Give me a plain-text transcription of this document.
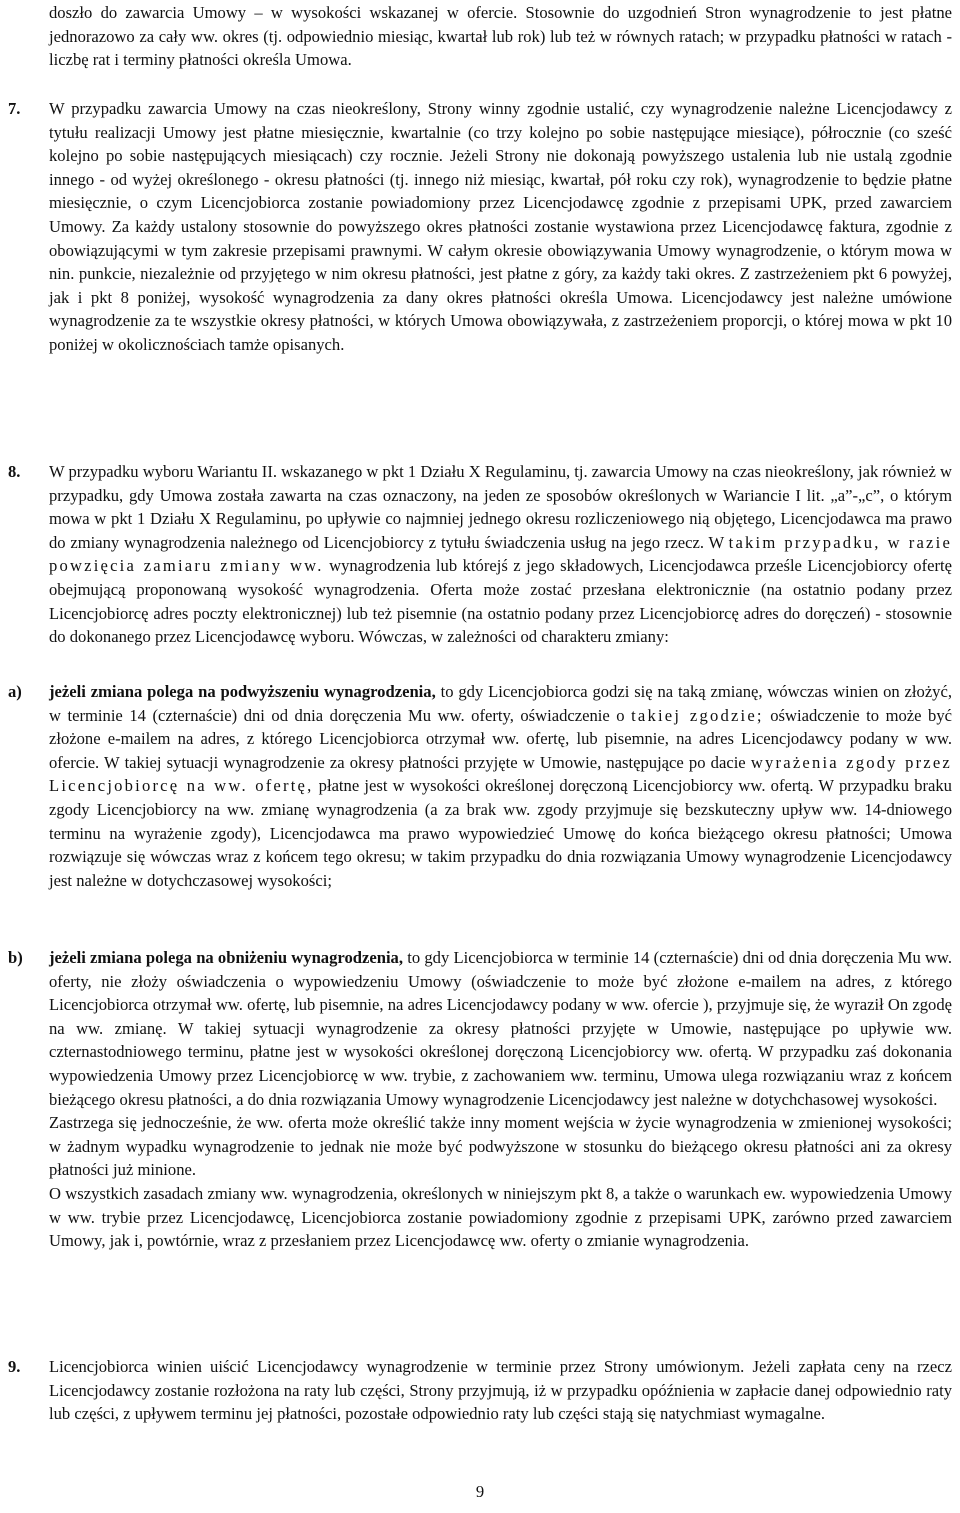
doszło do zawarcia Umowy – w wysokości wskazanej w ofercie. Stosownie do uzgodnień Stron wynagrodzenie to jest płatne jednorazowo za cały ww. okres (tj. odpowiednio miesiąc, kwartał lub rok) lub też w równych ratach; w przypadku płatności w ratach - liczbę rat i terminy płatności określa Umowa.
7.	W przypadku zawarcia Umowy na czas nieokreślony, Strony winny zgodnie ustalić, czy wynagrodzenie należne Licencjodawcy z tytułu realizacji Umowy jest płatne miesięcznie, kwartalnie (co trzy kolejno po sobie następujące miesiące), półrocznie (co sześć kolejno po sobie następujących miesiącach) czy rocznie. Jeżeli Strony nie dokonają powyższego ustalenia lub nie ustalą zgodnie innego - od wyżej określonego - okresu płatności (tj. innego niż miesiąc, kwartał, pół roku czy rok), wynagrodzenie to będzie płatne miesięcznie, o czym Licencjobiorca zostanie powiadomiony przez Licencjodawcę zgodnie z przepisami UPK, przed zawarciem Umowy. Za każdy ustalony stosownie do powyższego okres płatności zostanie wystawiona przez Licencjodawcę faktura, zgodnie z obowiązującymi w tym zakresie przepisami prawnymi. W całym okresie obowiązywania Umowy wynagrodzenie, o którym mowa w nin. punkcie, niezależnie od przyjętego w nim okresu płatności, jest płatne z góry, za każdy taki okres. Z zastrzeżeniem pkt 6 powyżej, jak i pkt 8 poniżej, wysokość wynagrodzenia za dany okres płatności określa Umowa. Licencjodawcy jest należne umówione wynagrodzenie za te wszystkie okresy płatności, w których Umowa obowiązywała, z zastrzeżeniem proporcji, o której mowa w pkt 10 poniżej w okolicznościach tamże opisanych.
8.	W przypadku wyboru Wariantu II. wskazanego w pkt 1 Działu X Regulaminu, tj. zawarcia Umowy na czas nieokreślony, jak również w przypadku, gdy Umowa została zawarta na czas oznaczony, na jeden ze sposobów określonych w Wariancie I lit. „a”-„c”, o którym mowa w pkt 1 Działu X Regulaminu, po upływie co najmniej jednego okresu rozliczeniowego nią objętego, Licencjodawca ma prawo do zmiany wynagrodzenia należnego od Licencjobiorcy z tytułu świadczenia usług na jego rzecz. W takim przypadku, w razie powzięcia zamiaru zmiany ww. wynagrodzenia lub którejś z jego składowych, Licencjodawca prześle Licencjobiorcy ofertę obejmującą proponowaną wysokość wynagrodzenia. Oferta może zostać przesłana elektronicznie (na ostatnio podany przez Licencjobiorcę adres poczty elektronicznej) lub też pisemnie (na ostatnio podany przez Licencjobiorcę adres do doręczeń) - stosownie do dokonanego przez Licencjodawcę wyboru. Wówczas, w zależności od charakteru zmiany:
a)	jeżeli zmiana polega na podwyższeniu wynagrodzenia, to gdy Licencjobiorca godzi się na taką zmianę, wówczas winien on złożyć, w terminie 14 (czternaście) dni od dnia doręczenia Mu ww. oferty, oświadczenie o takiej zgodzie; oświadczenie to może być złożone e-mailem na adres, z którego Licencjobiorca otrzymał ww. ofertę, lub pisemnie, na adres Licencjodawcy podany w ww. ofercie. W takiej sytuacji wynagrodzenie za okresy płatności przyjęte w Umowie, następujące po dacie wyrażenia zgody przez Licencjobiorcę na ww. ofertę, płatne jest w wysokości określonej doręczoną Licencjobiorcy ww. ofertą. W przypadku braku zgody Licencjobiorcy na ww. zmianę wynagrodzenia (a za brak ww. zgody przyjmuje się bezskuteczny upływ ww. 14-dniowego terminu na wyrażenie zgody), Licencjodawca ma prawo wypowiedzieć Umowę do końca bieżącego okresu płatności; Umowa rozwiązuje się wówczas wraz z końcem tego okresu; w takim przypadku do dnia rozwiązania Umowy wynagrodzenie Licencjodawcy jest należne w dotychczasowej wysokości;
b)	jeżeli zmiana polega na obniżeniu wynagrodzenia, to gdy Licencjobiorca w terminie 14 (czternaście) dni od dnia doręczenia Mu ww. oferty, nie złoży oświadczenia o wypowiedzeniu Umowy (oświadczenie to może być złożone e-mailem na adres, z którego Licencjobiorca otrzymał ww. ofertę, lub pisemnie, na adres Licencjodawcy podany w ww. ofercie ), przyjmuje się, że wyraził On zgodę na ww. zmianę. W takiej sytuacji wynagrodzenie za okresy płatności przyjęte w Umowie, następujące po upływie ww. czternastodniowego terminu, płatne jest w wysokości określonej doręczoną Licencjobiorcy ww. ofertą. W przypadku zaś dokonania wypowiedzenia Umowy przez Licencjobiorcę w ww. trybie, z zachowaniem ww. terminu, Umowa ulega rozwiązaniu wraz z końcem bieżącego okresu płatności, a do dnia rozwiązania Umowy wynagrodzenie Licencjodawcy jest należne w dotychchasowej wysokości.

Zastrzega się jednocześnie, że ww. oferta może określić także inny moment wejścia w życie wynagrodzenia w zmienionej wysokości; w żadnym wypadku wynagrodzenie to jednak nie może być podwyższone w stosunku do bieżącego okresu płatności ani za okresy płatności już minione.

O wszystkich zasadach zmiany ww. wynagrodzenia, określonych w niniejszym pkt 8, a także o warunkach ew. wypowiedzenia Umowy w ww. trybie przez Licencjodawcę, Licencjobiorca zostanie powiadomiony zgodnie z przepisami UPK, zarówno przed zawarciem Umowy, jak i, powtórnie, wraz z przesłaniem przez Licencjodawcę ww. oferty o zmianie wynagrodzenia.

9.	Licencjobiorca winien uiścić Licencjodawcy wynagrodzenie w terminie przez Strony umówionym. Jeżeli zapłata ceny na rzecz Licencjodawcy zostanie rozłożona na raty lub części, Strony przyjmują, iż w przypadku opóźnienia w zapłacie danej odpowiednio raty lub części, z upływem terminu jej płatności, pozostałe odpowiednio raty lub części stają się natychmiast wymagalne.
9
